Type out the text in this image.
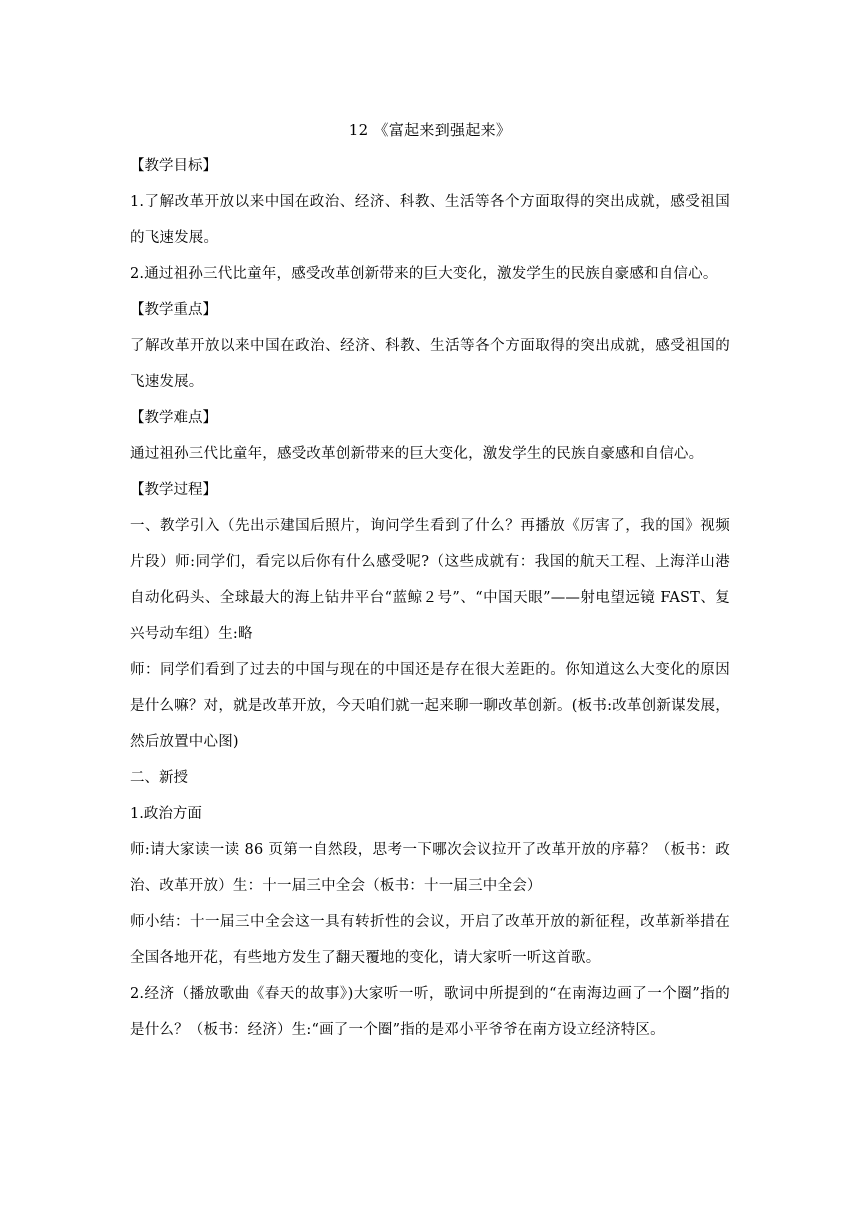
12 《富起来到强起来》

【教学目标】

1.了解改革开放以来中国在政治、经济、科教、生活等各个方面取得的突出成就，感受祖国的飞速发展。

2.通过祖孙三代比童年，感受改革创新带来的巨大变化，激发学生的民族自豪感和自信心。

【教学重点】

了解改革开放以来中国在政治、经济、科教、生活等各个方面取得的突出成就，感受祖国的飞速发展。

【教学难点】

通过祖孙三代比童年，感受改革创新带来的巨大变化，激发学生的民族自豪感和自信心。

【教学过程】

一、教学引入（先出示建国后照片，询问学生看到了什么？再播放《厉害了，我的国》视频片段）师:同学们，看完以后你有什么感受呢?（这些成就有：我国的航天工程、上海洋山港自动化码头、全球最大的海上钻井平台“蓝鲸２号”、“中国天眼”——射电望远镜 FAST、复兴号动车组）生:略

师：同学们看到了过去的中国与现在的中国还是存在很大差距的。你知道这么大变化的原因是什么嘛？对，就是改革开放，今天咱们就一起来聊一聊改革创新。(板书:改革创新谋发展，然后放置中心图)

二、新授

1.政治方面

师:请大家读一读 86 页第一自然段，思考一下哪次会议拉开了改革开放的序幕？（板书：政治、改革开放）生：十一届三中全会（板书：十一届三中全会）

师小结：十一届三中全会这一具有转折性的会议，开启了改革开放的新征程，改革新举措在全国各地开花，有些地方发生了翻天覆地的变化，请大家听一听这首歌。

2.经济（播放歌曲《春天的故事》)大家听一听，歌词中所提到的“在南海边画了一个圈”指的是什么？（板书：经济）生:“画了一个圈”指的是邓小平爷爷在南方设立经济特区。
